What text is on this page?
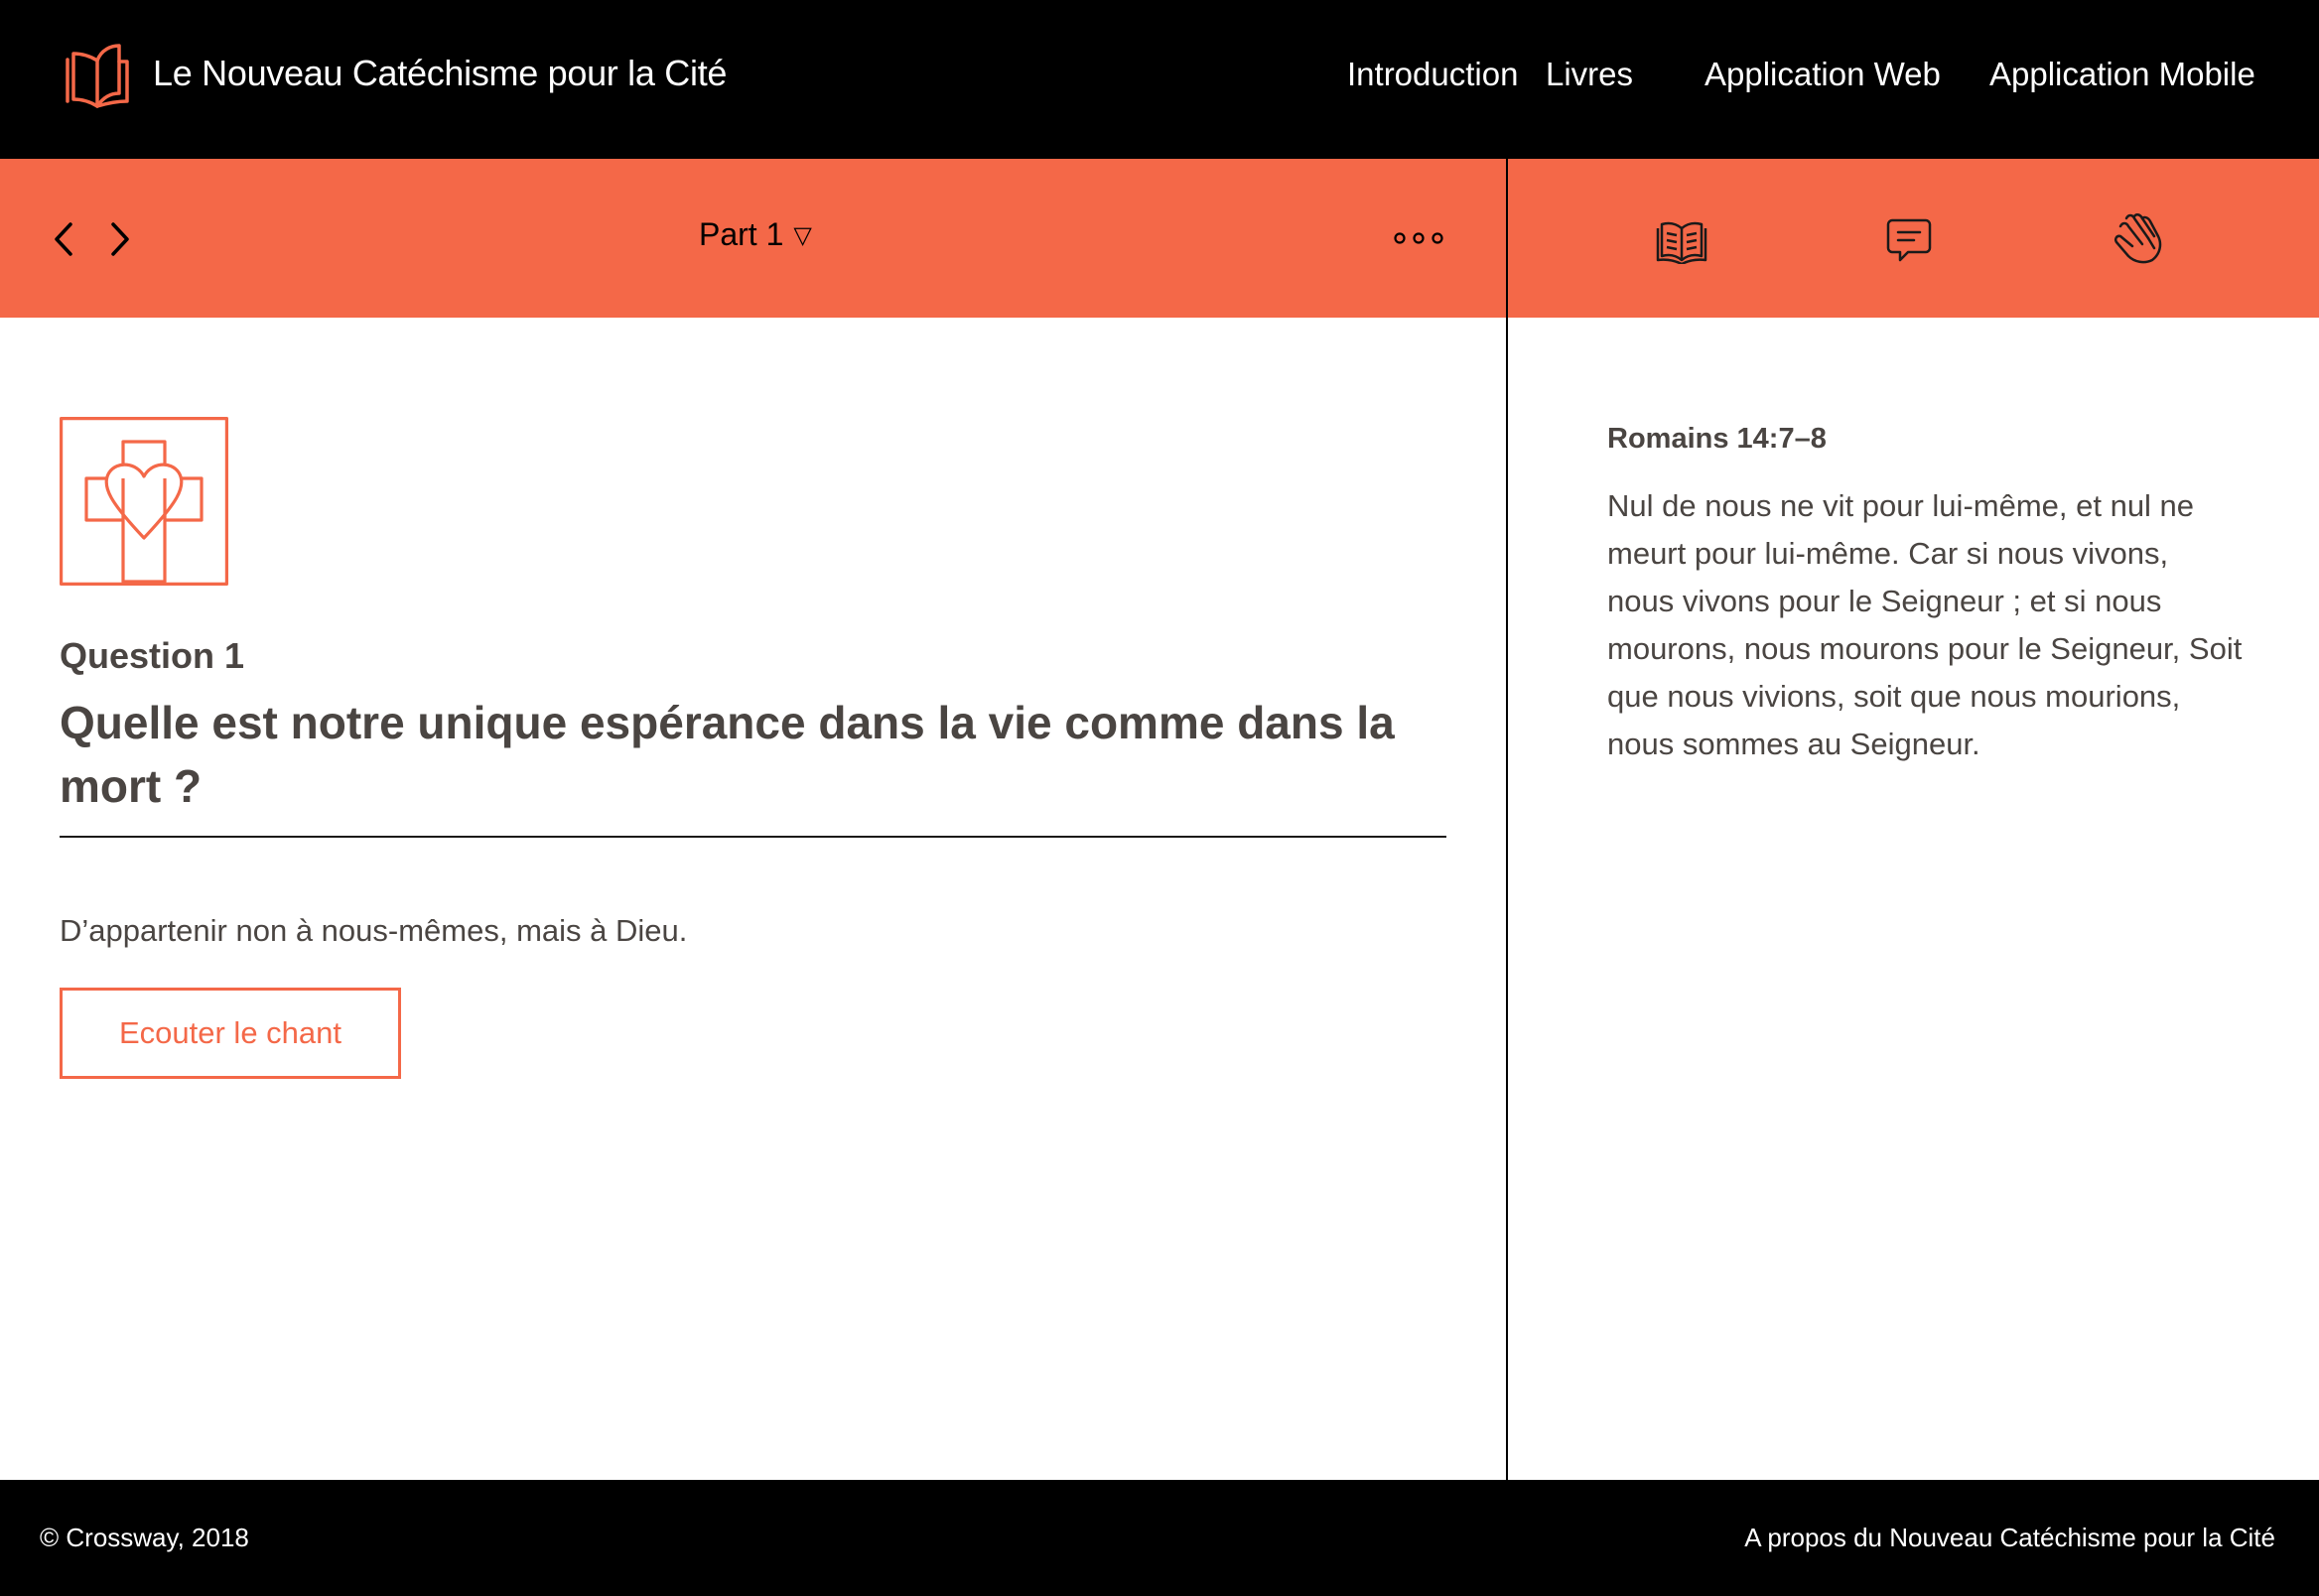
Le Nouveau Catéchisme pour la Cité	Introduction Livres Application Web Application Mobile
Part 1 ▽
Question 1
Quelle est notre unique espérance dans la vie comme dans la mort ?
D’appartenir non à nous-mêmes, mais à Dieu.
Ecouter le chant
Romains 14:7–8
Nul de nous ne vit pour lui-même, et nul ne meurt pour lui-même. Car si nous vivons, nous vivons pour le Seigneur ; et si nous mourons, nous mourons pour le Seigneur, Soit que nous vivions, soit que nous mourions, nous sommes au Seigneur.
© Crossway, 2018	A propos du Nouveau Catéchisme pour la Cité
